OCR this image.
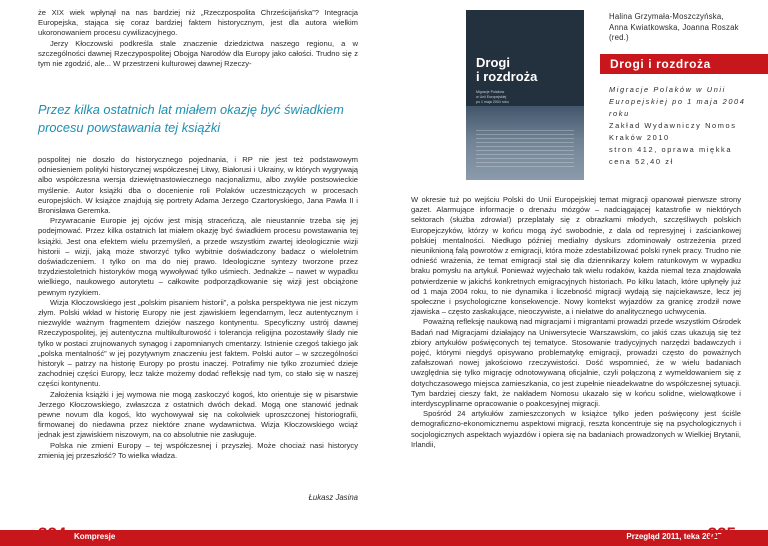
że XIX wiek wpłynął na nas bardziej niż „Rzeczpospolita Chrześcijańska”? Integracja Europejska, stająca się coraz bardziej faktem historycznym, jest dla autora wielkim ukoronowaniem procesu cywilizacyjnego.

Jerzy Kłoczowski podkreśla stale znaczenie dziedzictwa naszego regionu, a w szczególności dawnej Rzeczypospolitej Obojga Narodów dla Europy jako całości. Trudno się z tym nie zgodzić, ale... W przestrzeni kulturowej dawnej Rzeczy-

Przez kilka ostatnich lat miałem okazję być świadkiem procesu powstawania tej książki

pospolitej nie doszło do historycznego pojednania, i RP nie jest też podstawowym odniesieniem polityki historycznej współczesnej Litwy, Białorusi i Ukrainy, w których wygrywają albo współczesna wersja dziewiętnastowiecznego nacjonalizmu, albo zwykłe postsowieckie myślenie. Autor książki dba o docenienie roli Polaków uczestniczących w procesach europejskich. W książce znajdują się portrety Adama Jerzego Czartoryskiego, Jana Pawła II i Bronisława Geremka.

Przywracanie Europie jej ojców jest misją straceńczą, ale nieustannie trzeba się jej podejmować. Przez kilka ostatnich lat miałem okazję być świadkiem procesu powstawania tej książki. Jest ona efektem wielu przemyśleń, a przede wszystkim zwartej ideologicznie wizji historii – wizji, jaką może stworzyć tylko wybitnie doświadczony badacz o wieloletnim doświadczeniem. I tylko on ma do niej prawo. Ideologiczne syntezy tworzone przez trzydziestoletnich historyków mogą wywoływać tylko uśmiech. Jednakże – nawet w wypadku wielkiego, naukowego autorytetu – całkowite podporządkowanie się wizji jest obciążone pewnym ryzykiem.

Wizja Kłoczowskiego jest „polskim pisaniem historii”, a polska perspektywa nie jest niczym złym. Polski wkład w historię Europy nie jest zjawiskiem legendarnym, lecz autentycznym i niezwykle ważnym fragmentem dziejów naszego kontynentu. Specyficzny ustrój dawnej Rzeczypospolitej, jej autentyczna multikulturowość i tolerancja religijna pozostawiły ślady nie tylko w postaci zrujnowanych synagog i zapomnianych cmentarzy. Istnienie czegoś takiego jak „polska mentalność” w jej pozytywnym znaczeniu jest faktem. Polski autor – w szczególności historyk – patrzy na historię Europy po prostu inaczej. Potrafimy nie tylko zrozumieć dzieje zachodniej części Europy, lecz także możemy dodać refleksję nad tym, co stało się w naszej części kontynentu.

Założenia książki i jej wymowa nie mogą zaskoczyć kogoś, kto orientuje się w pisarstwie Jerzego Kłoczowskiego, zwłaszcza z ostatnich dwóch dekad. Mogą one stanowić jednak pewne novum dla kogoś, kto wychowywał się na cokolwiek uproszczonej historiografii, firmowanej do niedawna przez niektóre znane wydawnictwa. Wizja Kłoczowskiego wciąż jednak jest zjawiskiem niszowym, na co absolutnie nie zasługuje.

Polska nie zmieni Europy – tej współczesnej i przyszłej. Może chociaż nasi historycy zmienią jej przeszłość? To wielka władza.

Łukasz Jasina
324 Kompresje
Drogi
i rozdroża
Migracje Polaków
w Unii Europejskiej
po 1 maja 2004 roku
Halina Grzymała-Moszczyńska,
Anna Kwiatkowska, Joanna Roszak (red.)
Drogi i rozdroża
Migracje Polaków w Unii
Europejskiej po 1 maja 2004 roku
Zakład Wydawniczy Nomos
Kraków 2010
stron 412, oprawa miękka
cena 52,40 zł

W okresie tuż po wejściu Polski do Unii Europejskiej temat migracji opanował pierwsze strony gazet. Alarmujące informacje o drenażu mózgów – nadciągającej katastrofie w niektórych sektorach (służba zdrowia!) przeplatały się z obrazkami młodych, szczęśliwych polskich Europejczyków, którzy w końcu mogą żyć swobodnie, z dala od represyjnej i zaściankowej polskiej mentalności. Niedługo później medialny dyskurs zdominowały ostrzeżenia przed nieuniknioną falą powrotów z emigracji, która może zdestabilizować polski rynek pracy. Trudno nie odnieść wrażenia, że temat emigracji stał się dla dziennikarzy kołem ratunkowym w wypadku braku pomysłu na artykuł. Ponieważ wyjechało tak wielu rodaków, każda niemal teza znajdowała potwierdzenie w jakichś konkretnych emigracyjnych historiach. Po kilku latach, które upłynęły już od 1 maja 2004 roku, to nie dynamika i liczebność migracji wydają się najciekawsze, lecz jej społeczne i psychologiczne konsekwencje. Nowy kontekst wyjazdów za granicę zrodził nowe zjawiska – często zaskakujące, nieoczywiste, a i niełatwe do analitycznego uchwycenia.

Poważną refleksję naukową nad migracjami i migrantami prowadzi przede wszystkim Ośrodek Badań nad Migracjami działający na Uniwersytecie Warszawskim, co jakiś czas ukazują się też zbiory artykułów poświęconych tej tematyce. Stosowanie tradycyjnych narzędzi badawczych i pojęć, którymi niegdyś opisywano problematykę emigracji, prowadzi często do poważnych zafałszowań nowej jakościowo rzeczywistości. Dość wspomnieć, że w wielu badaniach uwzględnia się tylko migrację odnotowywaną oficjalnie, czyli połączoną z wymeldowaniem się z dotychczasowego miejsca zamieszkania, co jest zupełnie nieadekwatne do współczesnej sytuacji. Tym bardziej cieszy fakt, że nakładem Nomosu ukazało się w końcu solidne, wielowątkowe i interdyscyplinarne opracowanie o poakcesyjnej migracji.

Spośród 24 artykułów zamieszczonych w książce tylko jeden poświęcony jest ściśle demograficzno-ekonomicznemu aspektowi migracji, reszta koncentruje się na psychologicznych i socjologicznych aspektach wyjazdów i opiera się na badaniach prowadzonych w Wielkiej Brytanii, Irlandii,

Przegląd 2011, teka 26/27
325
